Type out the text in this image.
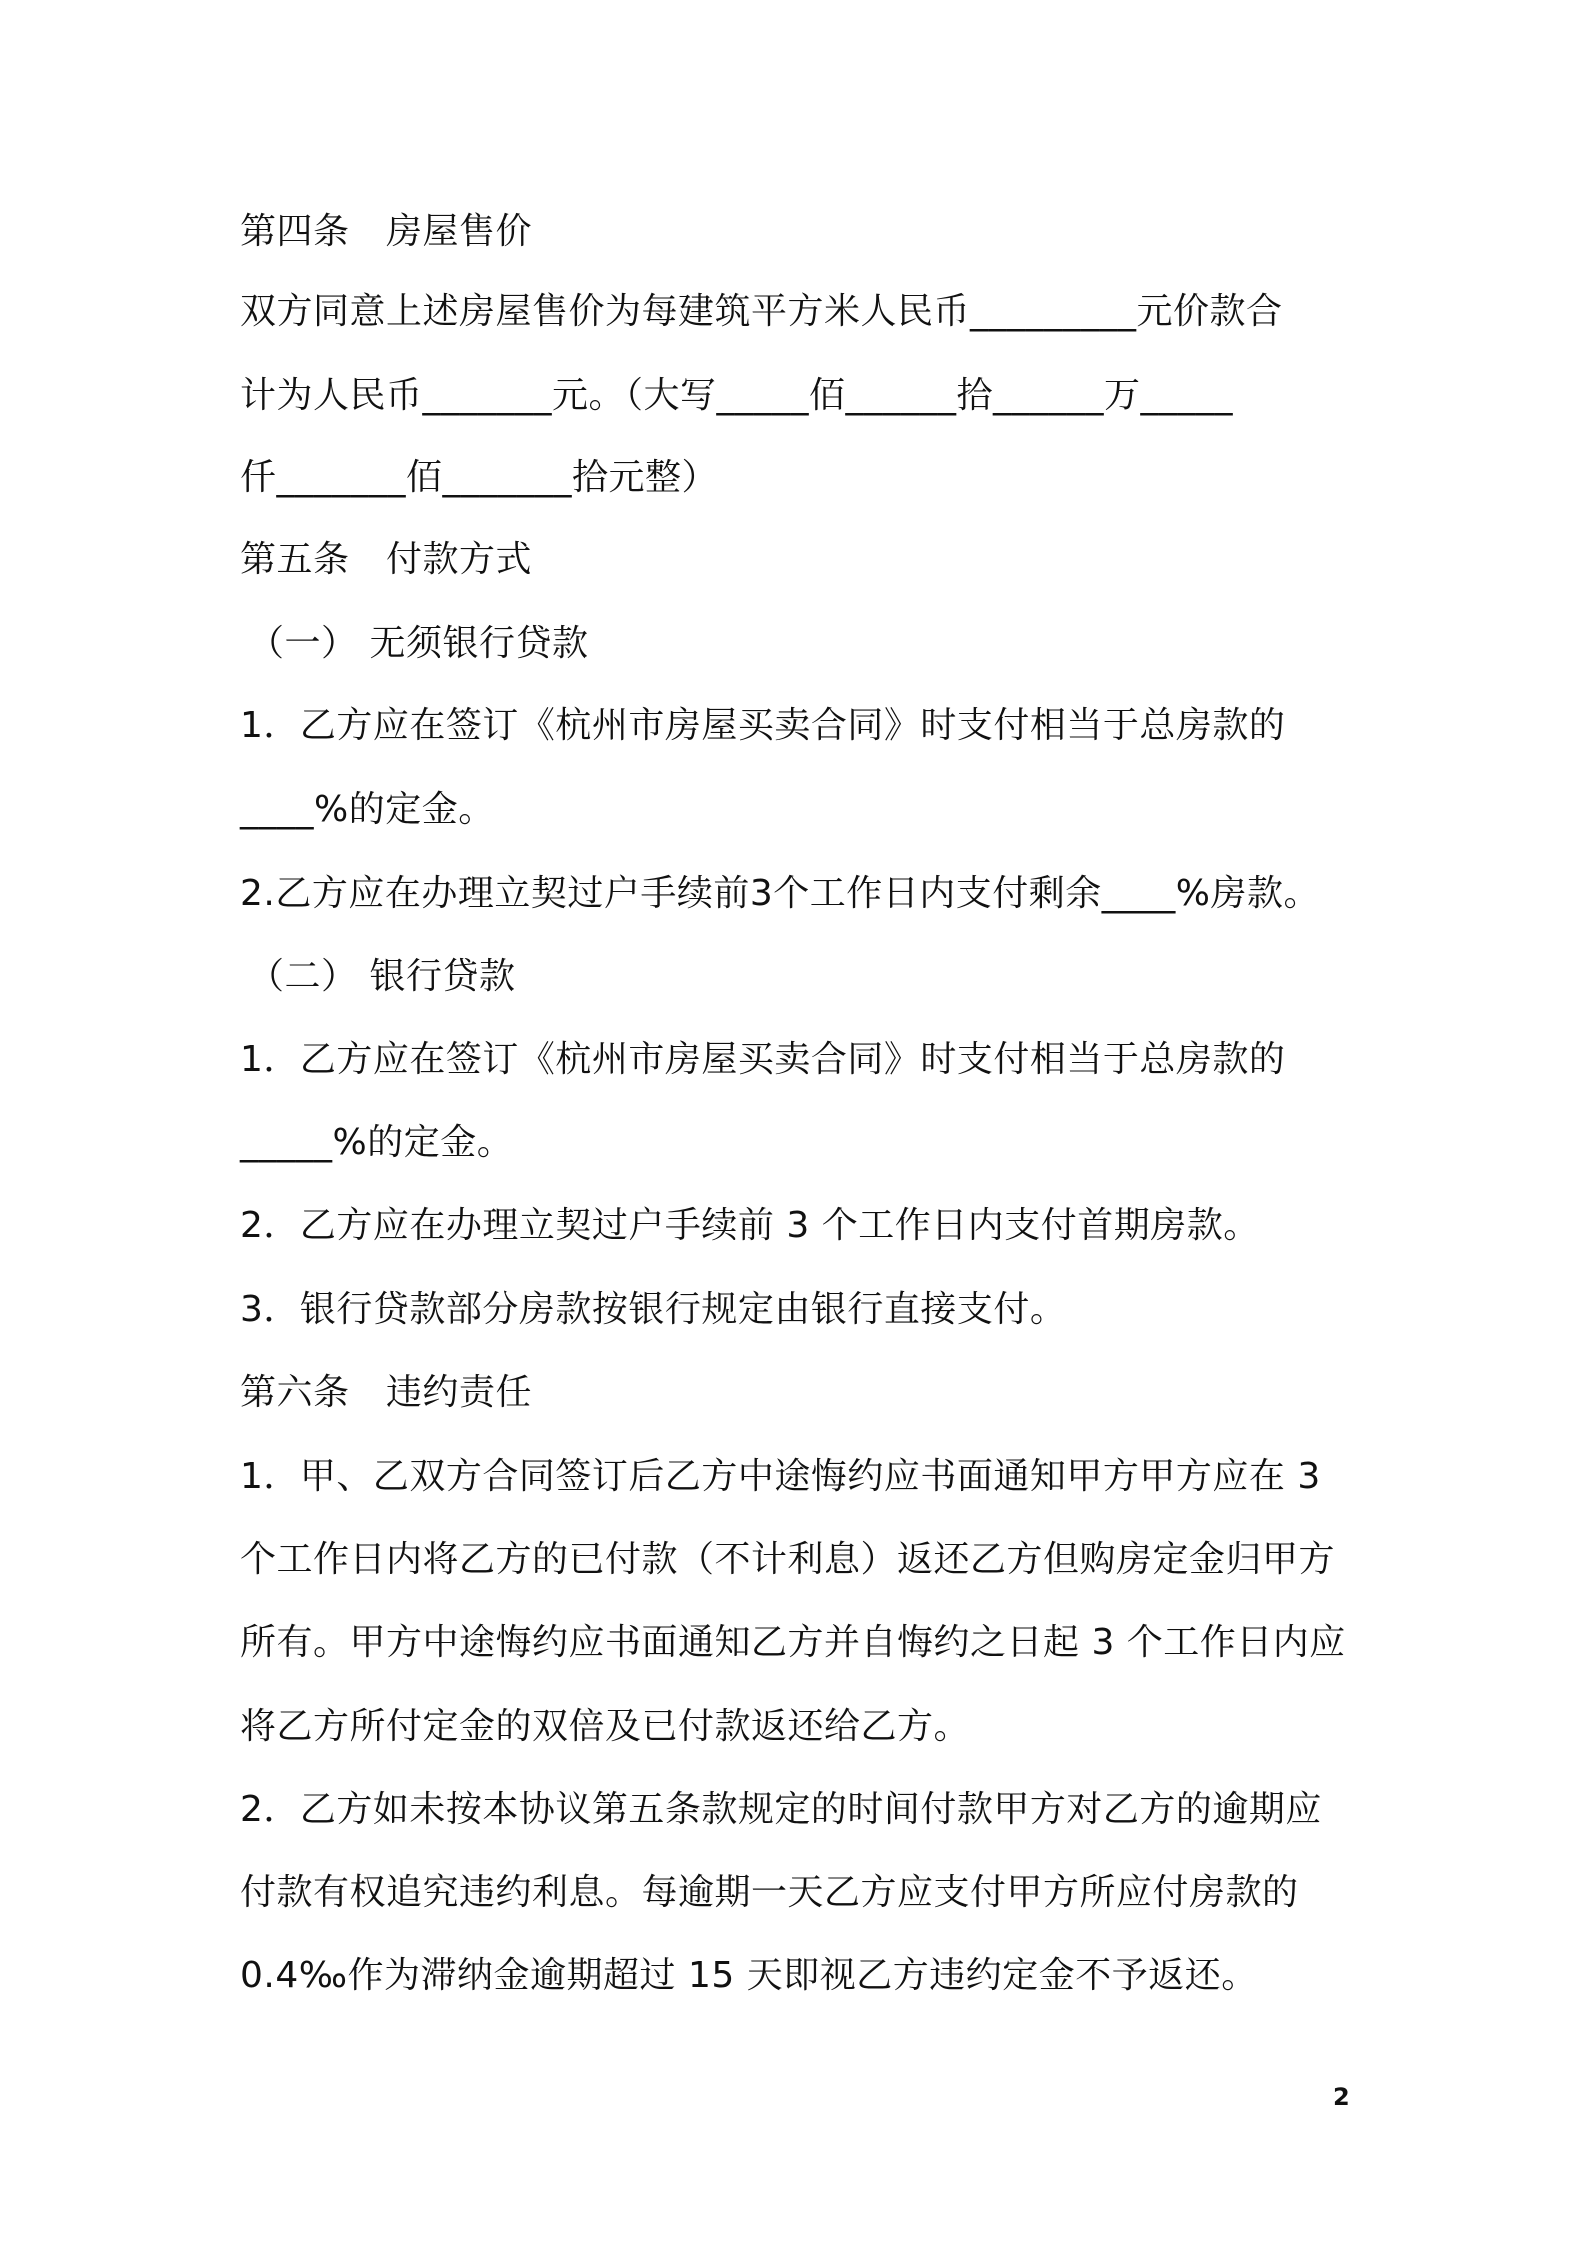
第四条　房屋售价
双方同意上述房屋售价为每建筑平方米人民币_________元价款合
计为人民币_______元。（大写_____佰______拾______万_____
仟_______佰_______拾元整）
第五条　付款方式
（一） 无须银行贷款
1．乙方应在签订《杭州市房屋买卖合同》时支付相当于总房款的
____%的定金。
2.乙方应在办理立契过户手续前3个工作日内支付剩余____%房款。
（二） 银行贷款
1．乙方应在签订《杭州市房屋买卖合同》时支付相当于总房款的
_____%的定金。
2．乙方应在办理立契过户手续前 3 个工作日内支付首期房款。
3．银行贷款部分房款按银行规定由银行直接支付。
第六条　违约责任
1．甲、乙双方合同签订后乙方中途悔约应书面通知甲方甲方应在 3
个工作日内将乙方的已付款（不计利息）返还乙方但购房定金归甲方
所有。甲方中途悔约应书面通知乙方并自悔约之日起 3 个工作日内应
将乙方所付定金的双倍及已付款返还给乙方。
2．乙方如未按本协议第五条款规定的时间付款甲方对乙方的逾期应
付款有权追究违约利息。每逾期一天乙方应支付甲方所应付房款的
0.4‰作为滞纳金逾期超过 15 天即视乙方违约定金不予返还。
2
